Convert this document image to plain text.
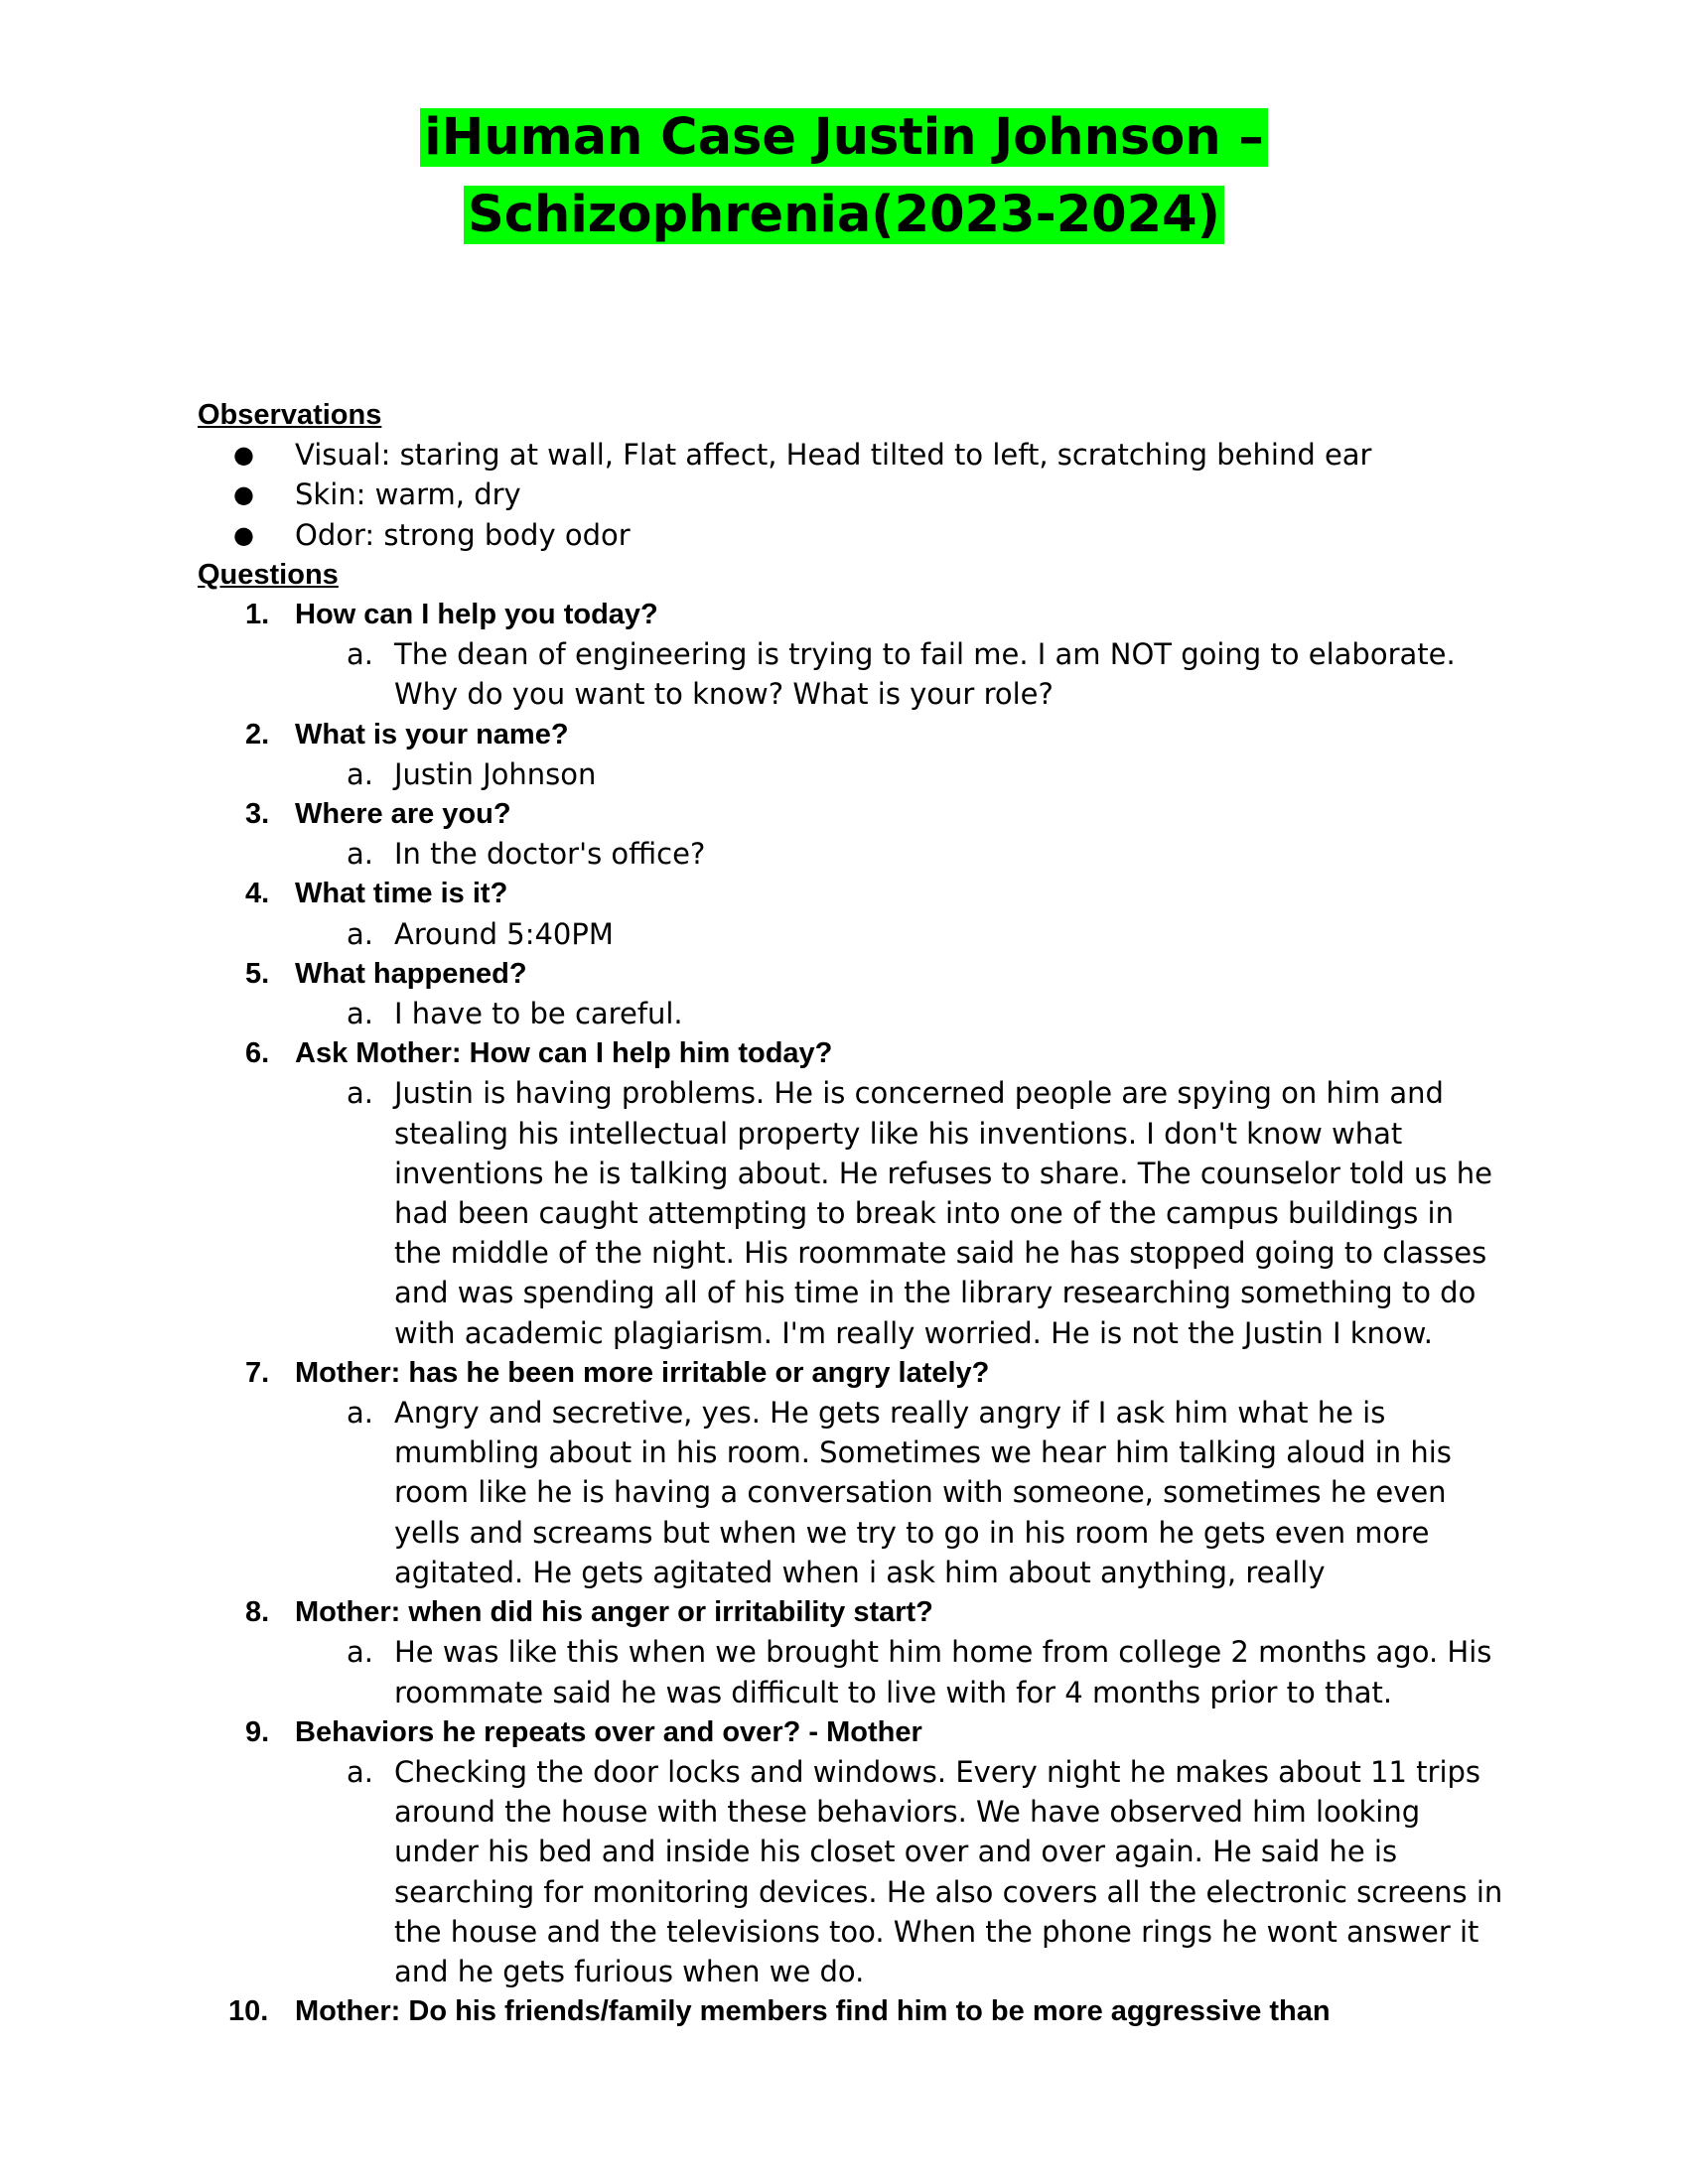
iHuman Case Justin Johnson –
Schizophrenia(2023-2024)
Observations
●	Visual: staring at wall, Flat affect, Head tilted to left, scratching behind ear
●	Skin: warm, dry
●	Odor: strong body odor
Questions
1. How can I help you today?
a. The dean of engineering is trying to fail me. I am NOT going to elaborate. Why do you want to know? What is your role?
2. What is your name?
a. Justin Johnson
3. Where are you?
a. In the doctor's office?
4. What time is it?
a. Around 5:40PM
5. What happened?
a. I have to be careful.
6. Ask Mother: How can I help him today?
a. Justin is having problems. He is concerned people are spying on him and stealing his intellectual property like his inventions. I don't know what inventions he is talking about. He refuses to share. The counselor told us he had been caught attempting to break into one of the campus buildings in the middle of the night. His roommate said he has stopped going to classes and was spending all of his time in the library researching something to do with academic plagiarism. I'm really worried. He is not the Justin I know.
7. Mother: has he been more irritable or angry lately?
a. Angry and secretive, yes. He gets really angry if I ask him what he is mumbling about in his room. Sometimes we hear him talking aloud in his room like he is having a conversation with someone, sometimes he even yells and screams but when we try to go in his room he gets even more agitated. He gets agitated when i ask him about anything, really
8. Mother: when did his anger or irritability start?
a. He was like this when we brought him home from college 2 months ago. His roommate said he was difficult to live with for 4 months prior to that.
9. Behaviors he repeats over and over? - Mother
a. Checking the door locks and windows. Every night he makes about 11 trips around the house with these behaviors. We have observed him looking under his bed and inside his closet over and over again. He said he is searching for monitoring devices. He also covers all the electronic screens in the house and the televisions too. When the phone rings he wont answer it and he gets furious when we do.
10. Mother: Do his friends/family members find him to be more aggressive than
